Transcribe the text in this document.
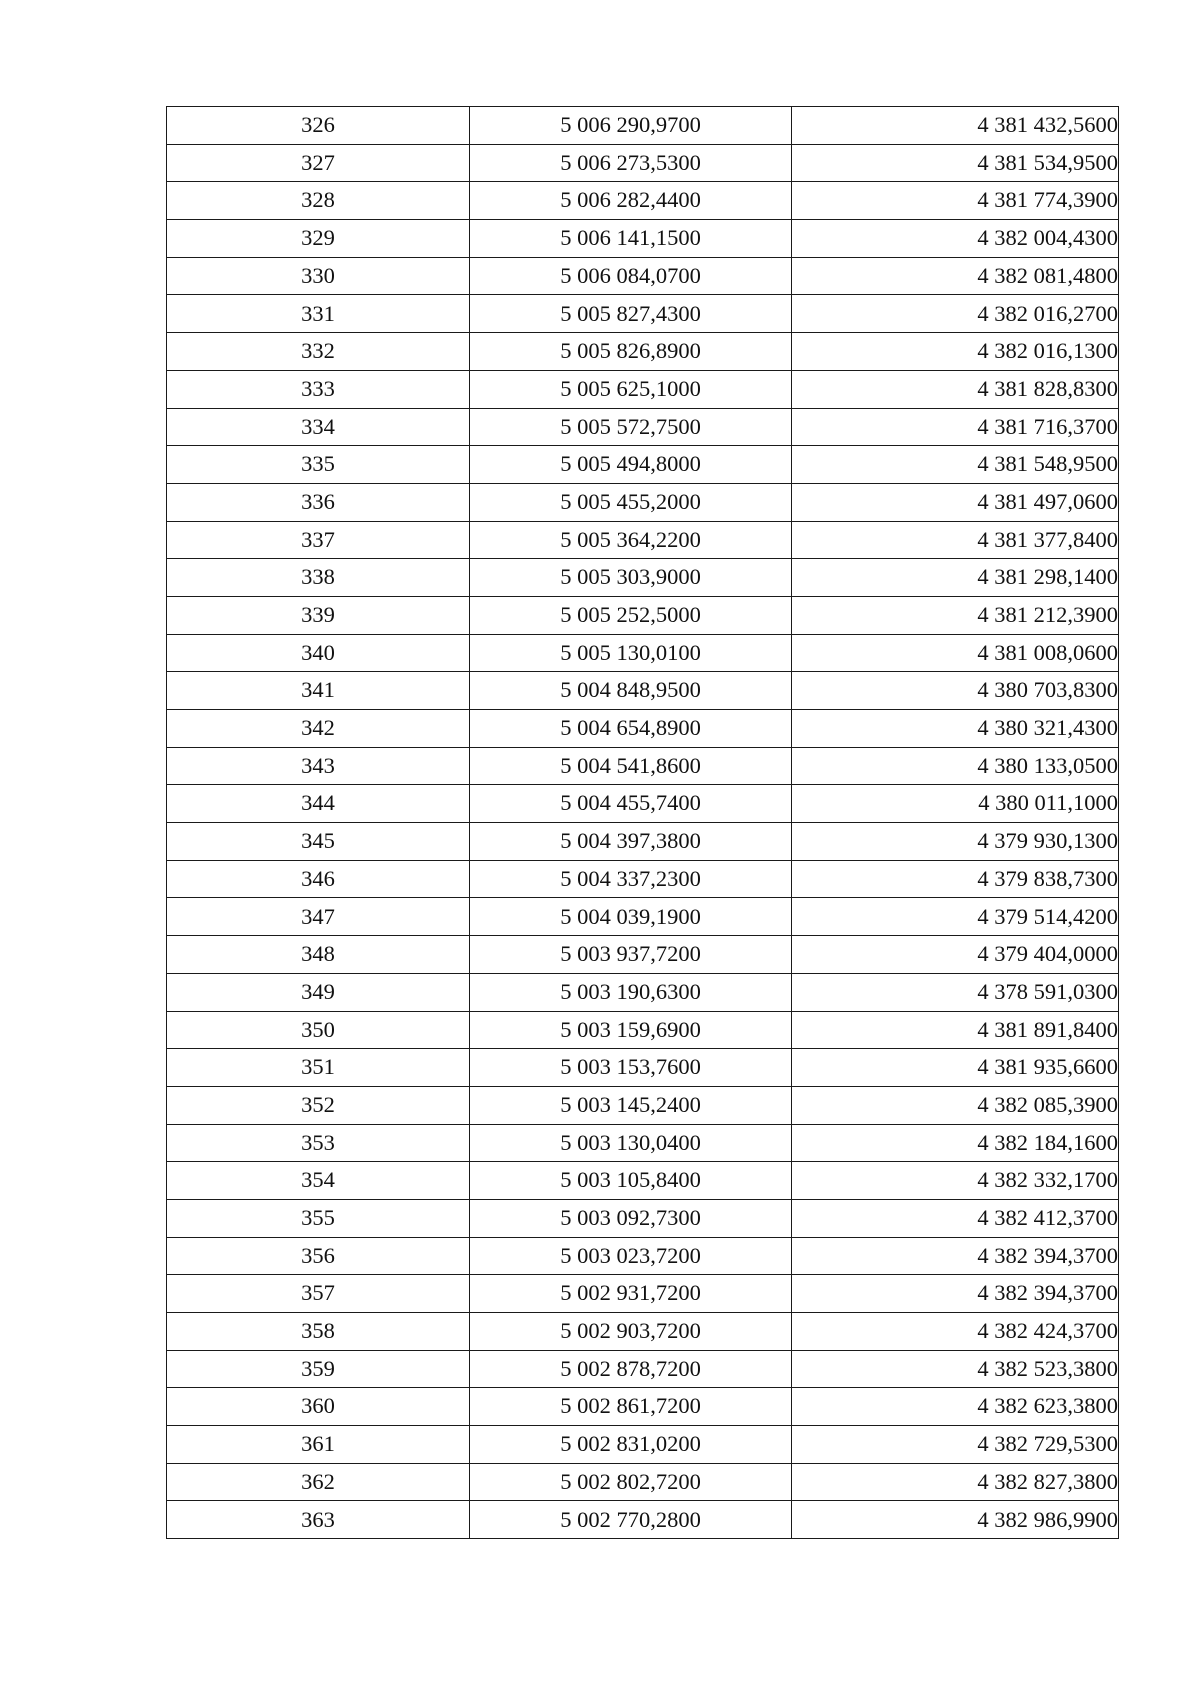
326	5 006 290,9700	4 381 432,5600
327	5 006 273,5300	4 381 534,9500
328	5 006 282,4400	4 381 774,3900
329	5 006 141,1500	4 382 004,4300
330	5 006 084,0700	4 382 081,4800
331	5 005 827,4300	4 382 016,2700
332	5 005 826,8900	4 382 016,1300
333	5 005 625,1000	4 381 828,8300
334	5 005 572,7500	4 381 716,3700
335	5 005 494,8000	4 381 548,9500
336	5 005 455,2000	4 381 497,0600
337	5 005 364,2200	4 381 377,8400
338	5 005 303,9000	4 381 298,1400
339	5 005 252,5000	4 381 212,3900
340	5 005 130,0100	4 381 008,0600
341	5 004 848,9500	4 380 703,8300
342	5 004 654,8900	4 380 321,4300
343	5 004 541,8600	4 380 133,0500
344	5 004 455,7400	4 380 011,1000
345	5 004 397,3800	4 379 930,1300
346	5 004 337,2300	4 379 838,7300
347	5 004 039,1900	4 379 514,4200
348	5 003 937,7200	4 379 404,0000
349	5 003 190,6300	4 378 591,0300
350	5 003 159,6900	4 381 891,8400
351	5 003 153,7600	4 381 935,6600
352	5 003 145,2400	4 382 085,3900
353	5 003 130,0400	4 382 184,1600
354	5 003 105,8400	4 382 332,1700
355	5 003 092,7300	4 382 412,3700
356	5 003 023,7200	4 382 394,3700
357	5 002 931,7200	4 382 394,3700
358	5 002 903,7200	4 382 424,3700
359	5 002 878,7200	4 382 523,3800
360	5 002 861,7200	4 382 623,3800
361	5 002 831,0200	4 382 729,5300
362	5 002 802,7200	4 382 827,3800
363	5 002 770,2800	4 382 986,9900
